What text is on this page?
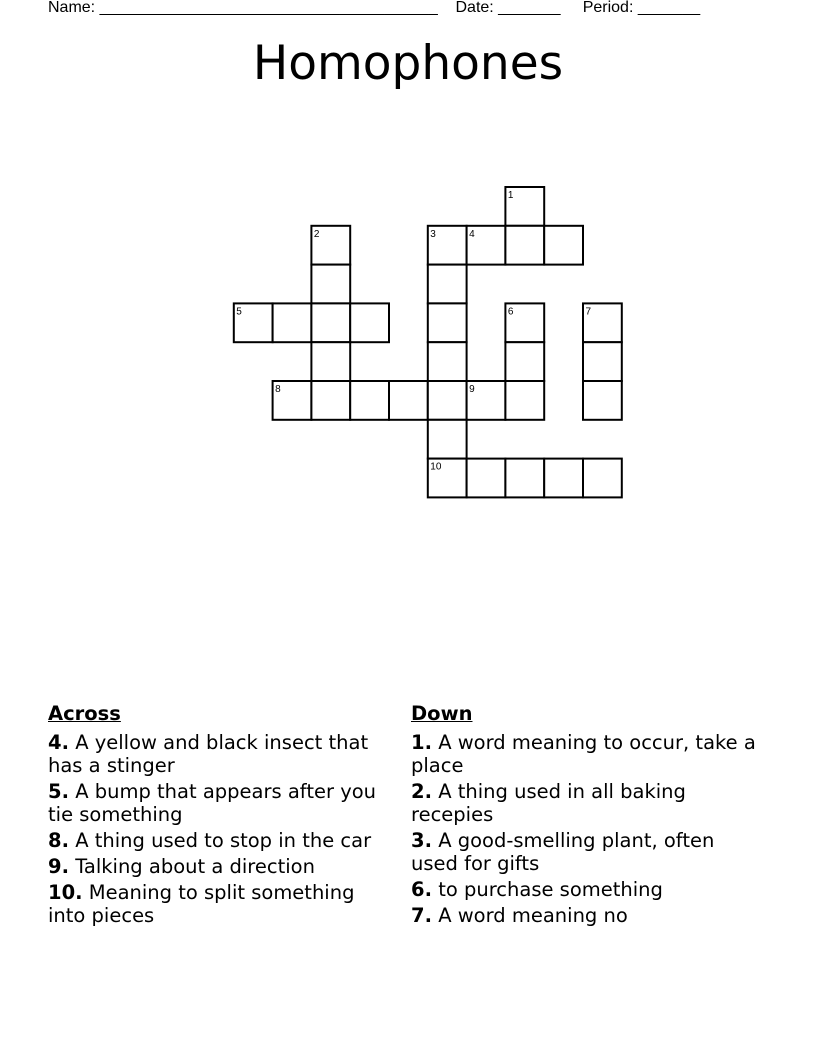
Name: ______________________________________    Date: _______     Period: _______
Homophones
1
2	3	4
5	6	7
8	9
10
Across
4. A yellow and black insect that has a stinger
5. A bump that appears after you tie something
8. A thing used to stop in the car
9. Talking about a direction
10. Meaning to split something into pieces
Down
1. A word meaning to occur, take a place
2. A thing used in all baking recepies
3. A good-smelling plant, often used for gifts
6. to purchase something
7. A word meaning no
